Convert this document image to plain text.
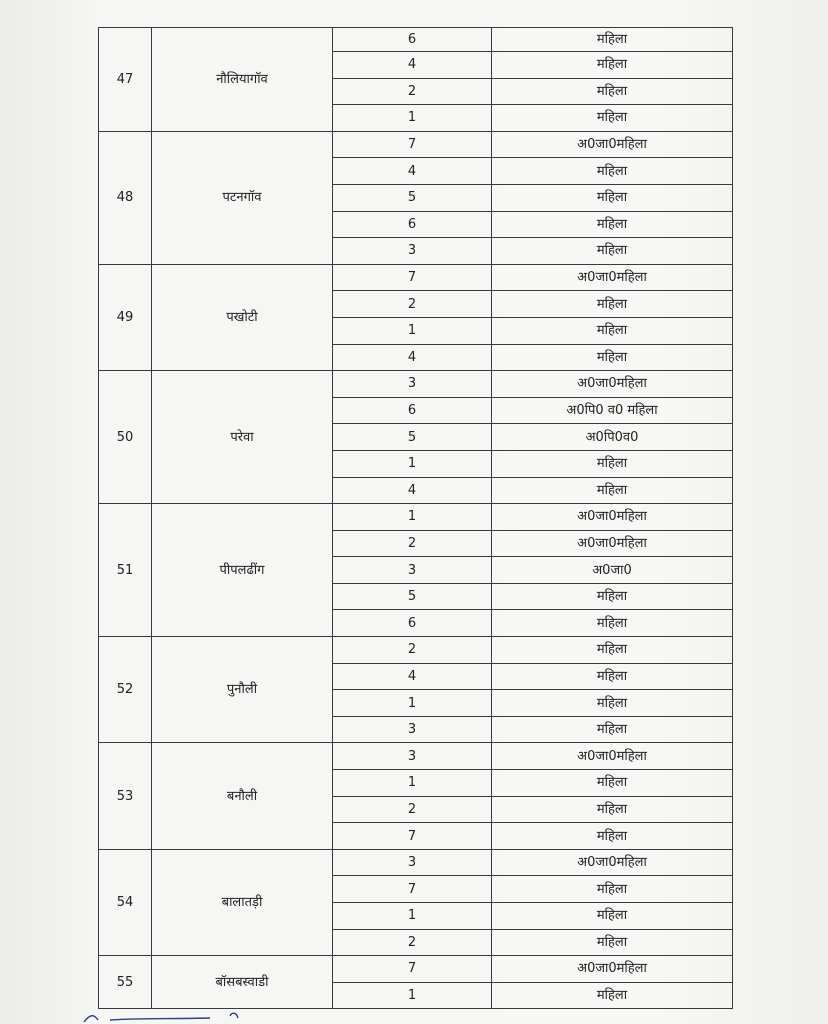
47	नौलियागॉव	6	महिला
		4	महिला
		2	महिला
		1	महिला
48	पटनगॉव	7	अ0जा0महिला
		4	महिला
		5	महिला
		6	महिला
		3	महिला
49	पखोटी	7	अ0जा0महिला
		2	महिला
		1	महिला
		4	महिला
50	परेवा	3	अ0जा0महिला
		6	अ0पि0 व0 महिला
		5	अ0पि0व0
		1	महिला
		4	महिला
51	पीपलढींग	1	अ0जा0महिला
		2	अ0जा0महिला
		3	अ0जा0
		5	महिला
		6	महिला
52	पुनौली	2	महिला
		4	महिला
		1	महिला
		3	महिला
53	बनौली	3	अ0जा0महिला
		1	महिला
		2	महिला
		7	महिला
54	बालातड़ी	3	अ0जा0महिला
		7	महिला
		1	महिला
		2	महिला
55	बॉसबस्वाडी	7	अ0जा0महिला
		1	महिला
